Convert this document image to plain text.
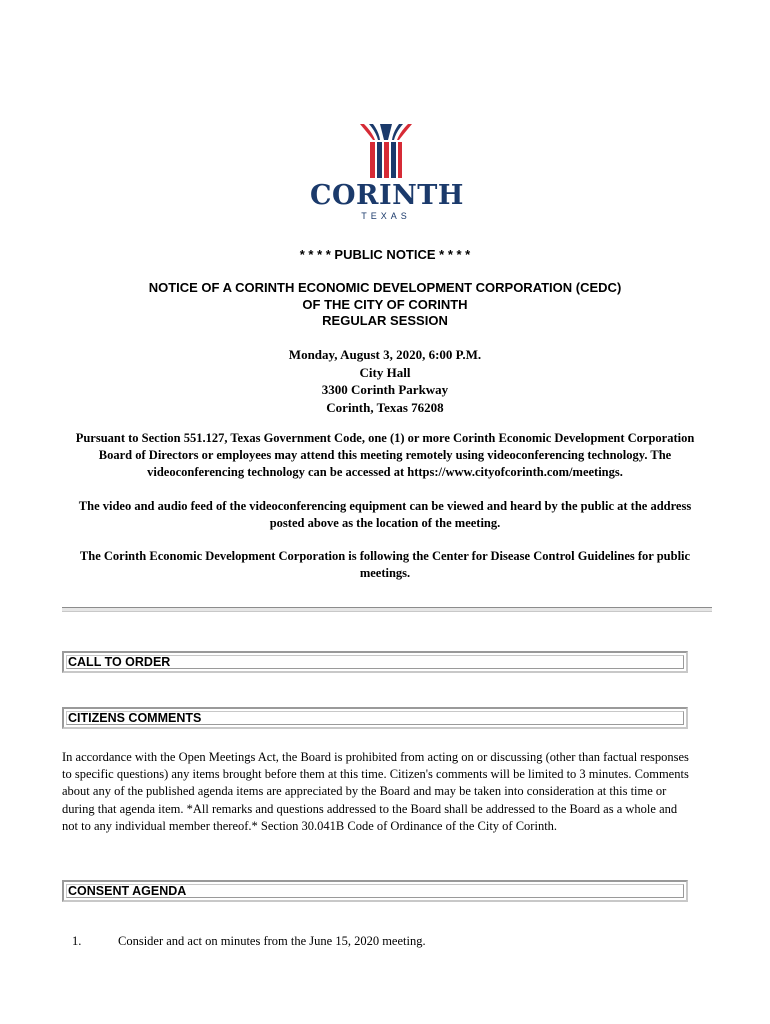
CORINTH
TEXAS
* * * * PUBLIC NOTICE * * * *
NOTICE OF A CORINTH ECONOMIC DEVELOPMENT CORPORATION (CEDC)
OF THE CITY OF CORINTH
REGULAR SESSION
Monday, August 3, 2020, 6:00 P.M.
City Hall
3300 Corinth Parkway
Corinth, Texas 76208
Pursuant to Section 551.127, Texas Government Code, one (1) or more Corinth Economic Development Corporation Board of Directors or employees may attend this meeting remotely using videoconferencing technology. The videoconferencing technology can be accessed at https://www.cityofcorinth.com/meetings.
The video and audio feed of the videoconferencing equipment can be viewed and heard by the public at the address posted above as the location of the meeting.
The Corinth Economic Development Corporation is following the Center for Disease Control Guidelines for public meetings.
CALL TO ORDER
CITIZENS COMMENTS
In accordance with the Open Meetings Act, the Board is prohibited from acting on or discussing (other than factual responses to specific questions) any items brought before them at this time. Citizen's comments will be limited to 3 minutes. Comments about any of the published agenda items are appreciated by the Board and may be taken into consideration at this time or during that agenda item. *All remarks and questions addressed to the Board shall be addressed to the Board as a whole and not to any individual member thereof.* Section 30.041B Code of Ordinance of the City of Corinth.
CONSENT AGENDA
1.	Consider and act on minutes from the June 15, 2020 meeting.
